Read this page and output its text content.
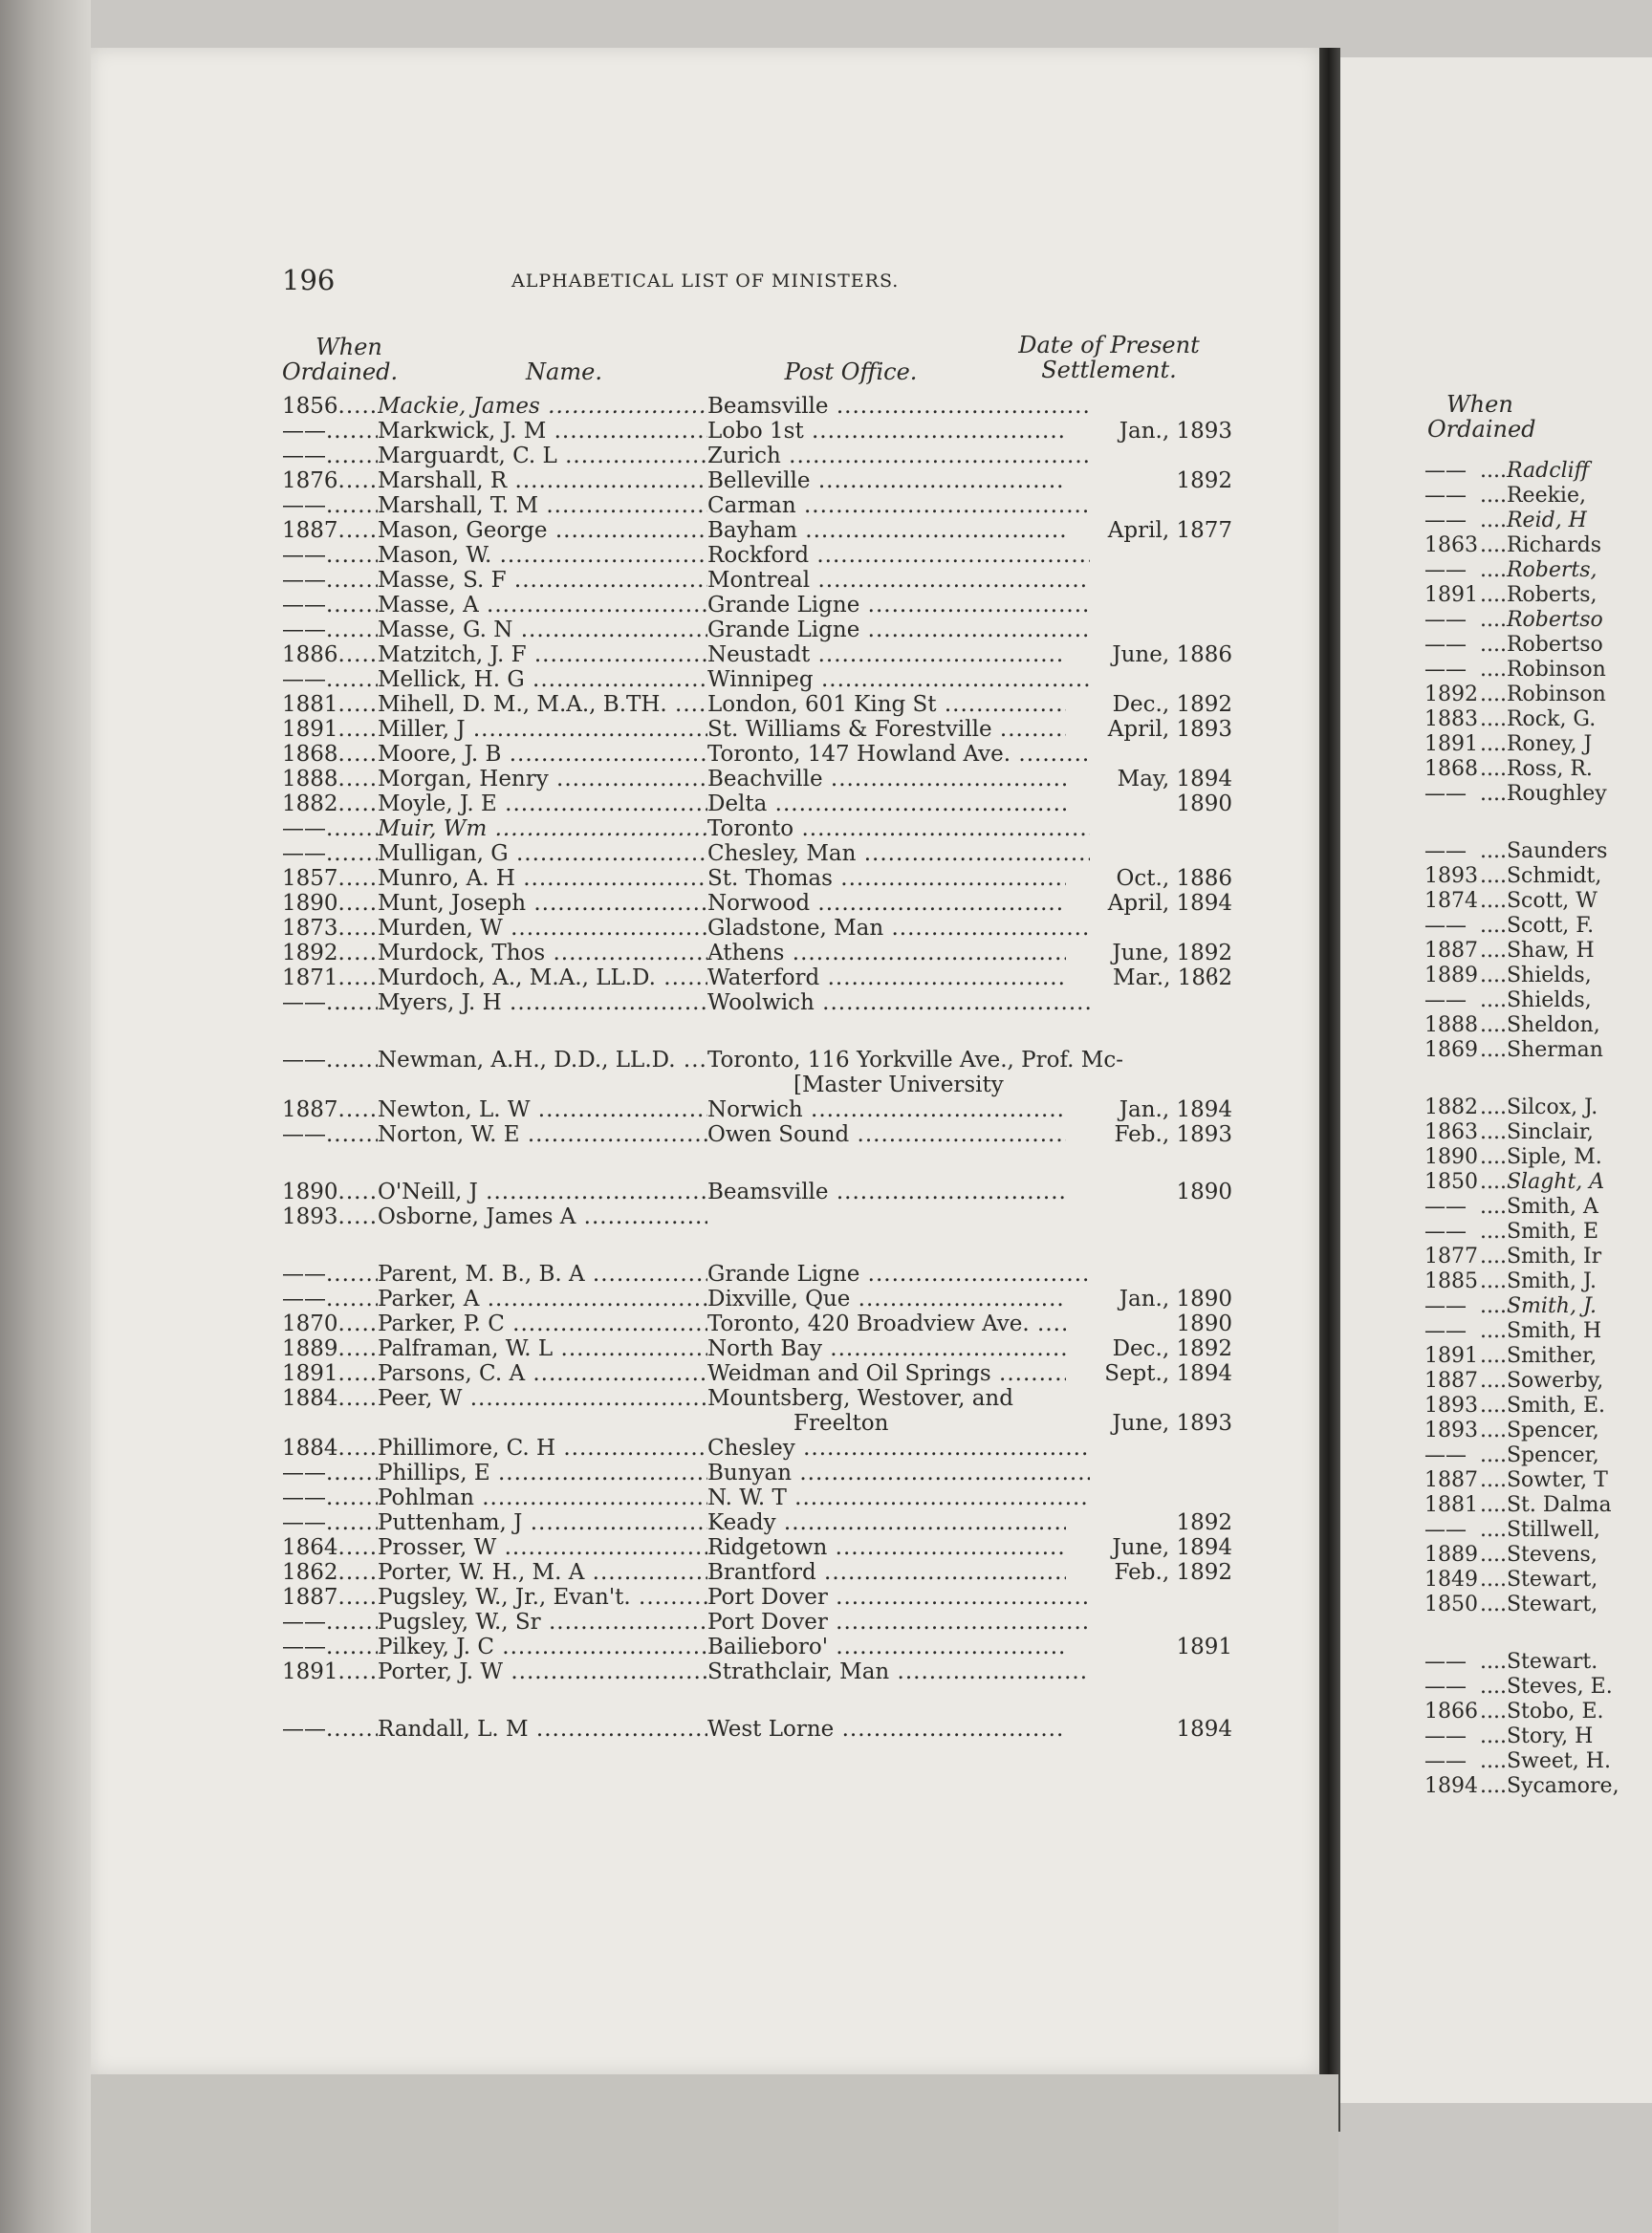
When
Ordained
—— ....Radcliff
—— ....Reekie,
—— ....Reid, H
1863....Richards
—— ....Roberts,
1891....Roberts,
—— ....Robertso
—— ....Robertso
—— ....Robinson
1892....Robinson
1883....Rock, G.
1891....Roney, J
1868....Ross, R.
—— ....Roughley
—— ....Saunders
1893....Schmidt,
1874....Scott, W
—— ....Scott, F.
1887....Shaw, H
1889....Shields,
—— ....Shields,
1888....Sheldon,
1869....Sherman
1882....Silcox, J.
1863....Sinclair,
1890....Siple, M.
1850....Slaght, A
—— ....Smith, A
—— ....Smith, E
1877....Smith, Ir
1885....Smith, J.
—— ....Smith, J.
—— ....Smith, H
1891....Smither,
1887....Sowerby,
1893....Smith, E.
1893....Spencer,
—— ....Spencer,
1887....Sowter, T
1881....St. Dalma
—— ....Stillwell,
1889....Stevens,
1849....Stewart,
1850....Stewart,
—— ....Stewart.
—— ....Steves, E.
1866....Stobo, E.
—— ....Story, H
—— ....Sweet, H.
1894....Sycamore,
196	ALPHABETICAL LIST OF MINISTERS.
When
Ordained.	Name.	Post Office.
Date of Present
Settlement.
1856 .....	Mackie, James .....	Beamsville .....
—— .....	Markwick, J. M .....	Lobo 1st .....	Jan., 1893
—— .....	Marguardt, C. L .....	Zurich .....
1876 .....	Marshall, R .....	Belleville .....	1892
—— .....	Marshall, T. M .....	Carman .....
1887 .....	Mason, George .....	Bayham .....	April, 1877
—— .....	Mason, W. .....	Rockford .....
—— .....	Masse, S. F .....	Montreal .....
—— .....	Masse, A .....	Grande Ligne .....
—— .....	Masse, G. N .....	Grande Ligne .....
1886 .....	Matzitch, J. F .....	Neustadt .....	June, 1886
—— .....	Mellick, H. G .....	Winnipeg .....
1881 .....	Mihell, D. M., M.A., B.TH. .....	London, 601 King St .....	Dec., 1892
1891 .....	Miller, J .....	St. Williams & Forestville .....	April, 1893
1868 .....	Moore, J. B .....	Toronto, 147 Howland Ave. .....
1888 .....	Morgan, Henry .....	Beachville .....	May, 1894
1882 .....	Moyle, J. E .....	Delta .....	1890
—— .....	Muir, Wm .....	Toronto .....
—— .....	Mulligan, G .....	Chesley, Man .....
1857 .....	Munro, A. H .....	St. Thomas .....	Oct., 1886
1890 .....	Munt, Joseph .....	Norwood .....	April, 1894
1873 .....	Murden, W .....	Gladstone, Man .....
1892 .....	Murdock, Thos .....	Athens .....	June, 1892
1871 .....	Murdoch, A., M.A., LL.D. .....	Waterford .....	Mar., 18ϐ2
—— .....	Myers, J. H .....	Woolwich .....
—— .....	Newman, A.H., D.D., LL.D. .....	Toronto, 116 Yorkville Ave., Prof. Mc-
[Master University
1887 .....	Newton, L. W .....	Norwich .....	Jan., 1894
—— .....	Norton, W. E .....	Owen Sound .....	Feb., 1893
1890 .....	O'Neill, J .....	Beamsville .....	1890
1893 .....	Osborne, James A .....
—— .....	Parent, M. B., B. A .....	Grande Ligne .....
—— .....	Parker, A .....	Dixville, Que .....	Jan., 1890
1870 .....	Parker, P. C .....	Toronto, 420 Broadview Ave. .....	1890
1889 .....	Palframan, W. L .....	North Bay .....	Dec., 1892
1891 .....	Parsons, C. A .....	Weidman and Oil Springs .....	Sept., 1894
1884 .....	Peer, W .....	Mountsberg, Westover, and
Freelton	June, 1893
1884 .....	Phillimore, C. H .....	Chesley .....
—— .....	Phillips, E .....	Bunyan .....
—— .....	Pohlman .....	N. W. T .....
—— .....	Puttenham, J .....	Keady .....	1892
1864 .....	Prosser, W .....	Ridgetown .....	June, 1894
1862 .....	Porter, W. H., M. A .....	Brantford .....	Feb., 1892
1887 .....	Pugsley, W., Jr., Evan't. .....	Port Dover .....
—— .....	Pugsley, W., Sr .....	Port Dover .....
—— .....	Pilkey, J. C .....	Bailieboro' .....	1891
1891 .....	Porter, J. W .....	Strathclair, Man .....
—— .....	Randall, L. M .....	West Lorne .....	1894
